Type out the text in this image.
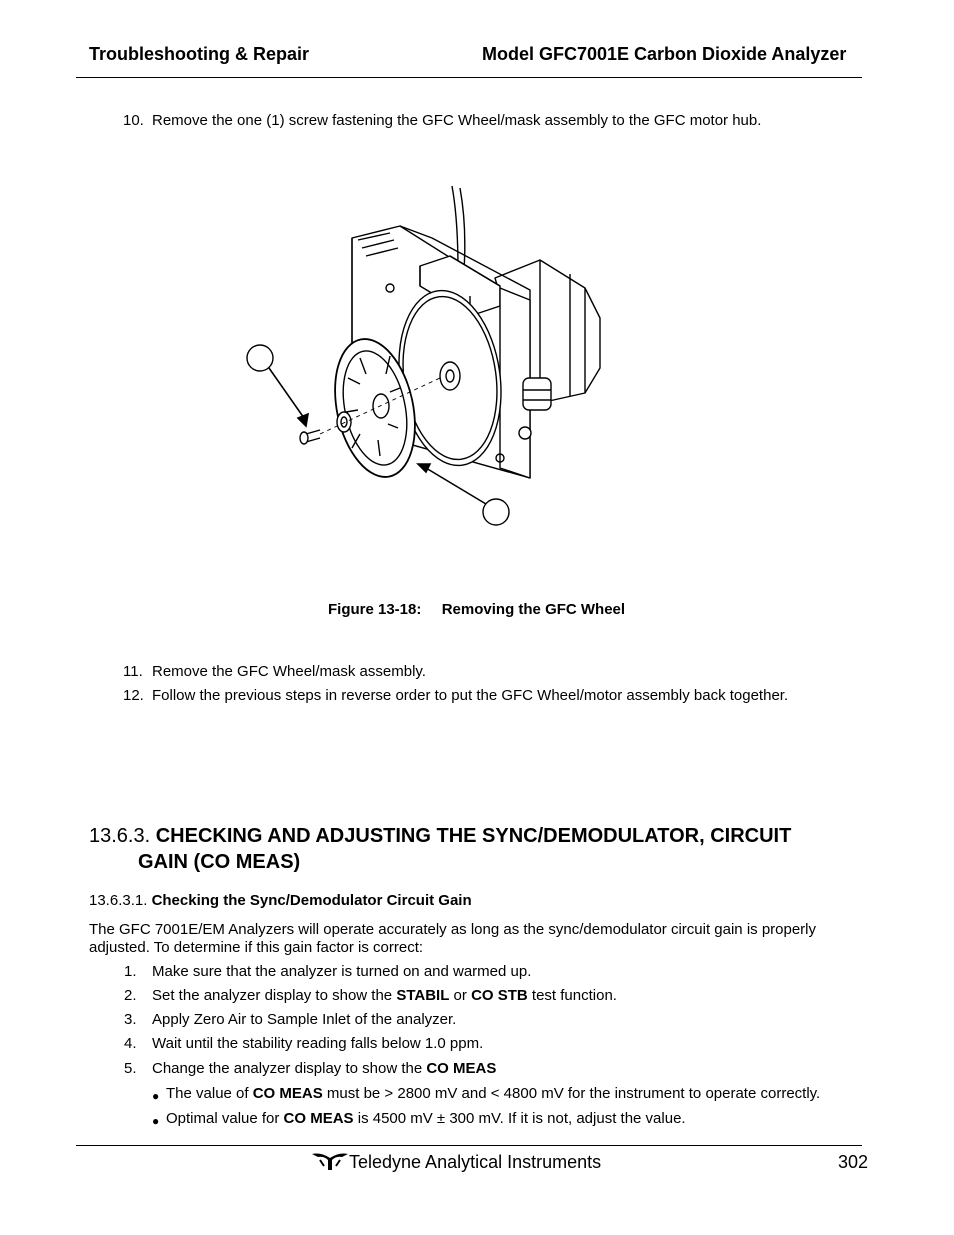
Troubleshooting & Repair	Model GFC7001E Carbon Dioxide Analyzer
10. Remove the one (1) screw fastening the GFC Wheel/mask assembly to the GFC motor hub.
Figure 13-18: Removing the GFC Wheel
11. Remove the GFC Wheel/mask assembly.
12. Follow the previous steps in reverse order to put the GFC Wheel/motor assembly back together.
13.6.3. CHECKING AND ADJUSTING THE SYNC/DEMODULATOR, CIRCUIT
GAIN (CO MEAS)
13.6.3.1. Checking the Sync/Demodulator Circuit Gain
The GFC 7001E/EM Analyzers will operate accurately as long as the sync/demodulator circuit gain is properly
adjusted. To determine if this gain factor is correct:
1.	Make sure that the analyzer is turned on and warmed up.
2.	Set the analyzer display to show the STABIL or CO STB test function.
3.	Apply Zero Air to Sample Inlet of the analyzer.
4.	Wait until the stability reading falls below 1.0 ppm.
5.	Change the analyzer display to show the CO MEAS
● The value of CO MEAS must be > 2800 mV and < 4800 mV for the instrument to operate correctly.
● Optimal value for CO MEAS is 4500 mV ± 300 mV. If it is not, adjust the value.
Teledyne Analytical Instruments	302
